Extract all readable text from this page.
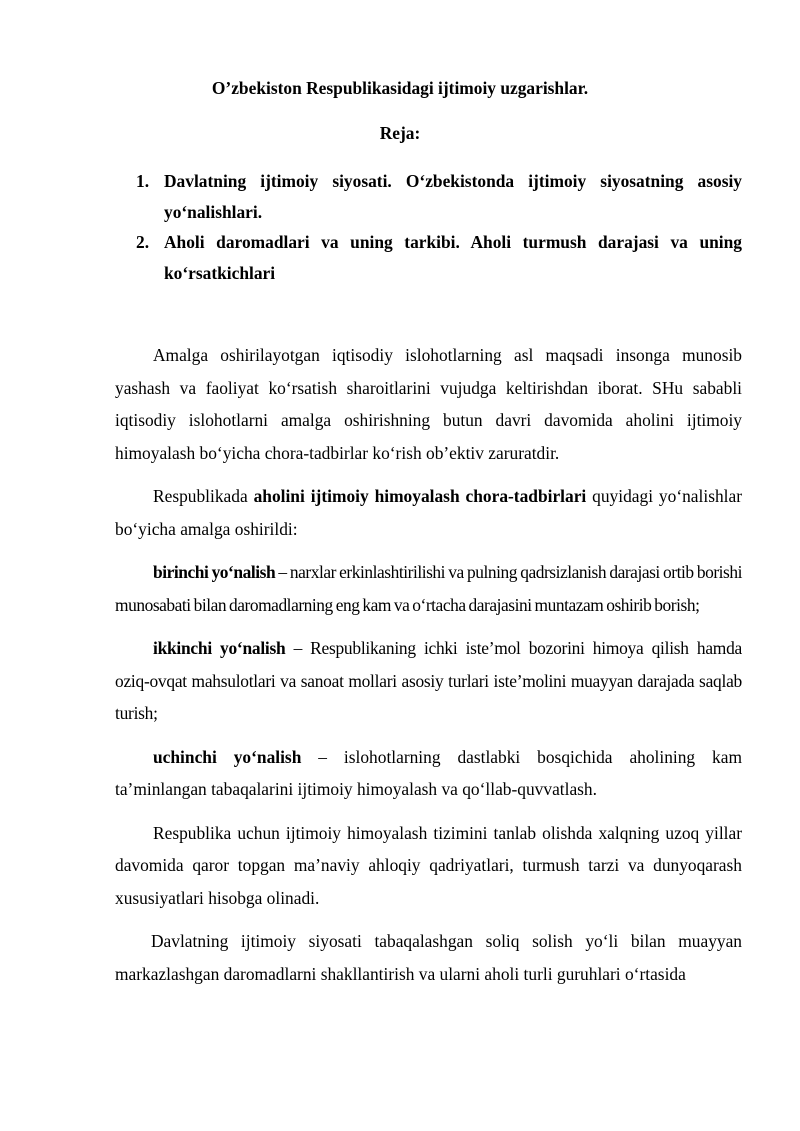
O’zbekiston Respublikasidagi ijtimoiy uzgarishlar.
Reja:
1. Davlatning ijtimoiy siyosati. O‘zbekistonda ijtimoiy siyosatning asosiy yo‘nalishlari.
2. Aholi daromadlari va uning tarkibi. Aholi turmush darajasi va uning ko‘rsatkichlari

Amalga oshirilayotgan iqtisodiy islohotlarning asl maqsadi insonga munosib yashash va faoliyat ko‘rsatish sharoitlarini vujudga keltirishdan iborat. SHu sababli iqtisodiy islohotlarni amalga oshirishning butun davri davomida aholini ijtimoiy himoyalash bo‘yicha chora-tadbirlar ko‘rish ob’ektiv zaruratdir.

Respublikada aholini ijtimoiy himoyalash chora-tadbirlari quyidagi yo‘nalishlar bo‘yicha amalga oshirildi:

birinchi yo‘nalish – narxlar erkinlashtirilishi va pulning qadrsizlanish darajasi ortib borishi munosabati bilan daromadlarning eng kam va o‘rtacha darajasini muntazam oshirib borish;

ikkinchi yo‘nalish – Respublikaning ichki iste’mol bozorini himoya qilish hamda oziq-ovqat mahsulotlari va sanoat mollari asosiy turlari iste’molini muayyan darajada saqlab turish;

uchinchi yo‘nalish – islohotlarning dastlabki bosqichida aholining kam ta’minlangan tabaqalarini ijtimoiy himoyalash va qo‘llab-quvvatlash.

Respublika uchun ijtimoiy himoyalash tizimini tanlab olishda xalqning uzoq yillar davomida qaror topgan ma’naviy ahloqiy qadriyatlari, turmush tarzi va dunyoqarash xususiyatlari hisobga olinadi.

Davlatning ijtimoiy siyosati tabaqalashgan soliq solish yo‘li bilan muayyan markazlashgan daromadlarni shakllantirish va ularni aholi turli guruhlari o‘rtasida
